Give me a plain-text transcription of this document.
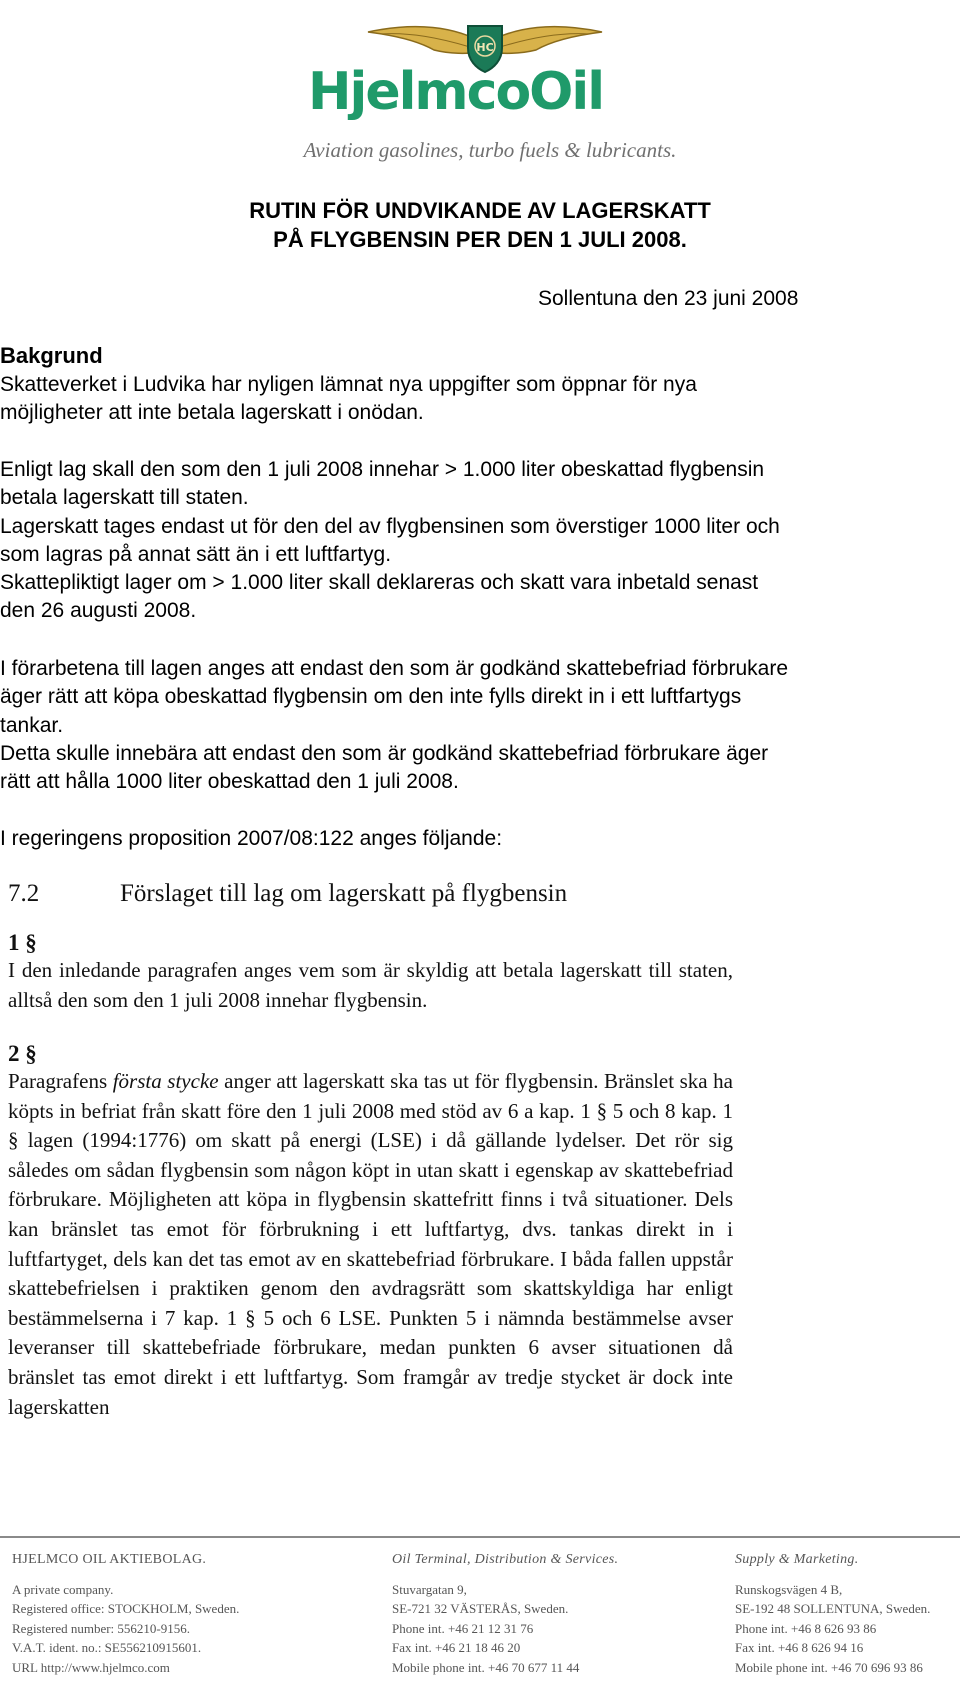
HC
HjelmcoOil
Aviation gasolines, turbo fuels & lubricants.
RUTIN FÖR UNDVIKANDE AV LAGERSKATT
PÅ FLYGBENSIN PER DEN 1 JULI 2008.
Sollentuna den 23 juni 2008
Bakgrund
Skatteverket i Ludvika har nyligen lämnat nya uppgifter som öppnar för nya
möjligheter att inte betala lagerskatt i onödan.
Enligt lag skall den som den 1 juli 2008 innehar > 1.000 liter obeskattad flygbensin
betala lagerskatt till staten.
Lagerskatt tages endast ut för den del av flygbensinen som överstiger 1000 liter och
som lagras på annat sätt än i ett luftfartyg.
Skattepliktigt lager om > 1.000 liter skall deklareras och skatt vara inbetald senast
den 26 augusti 2008.
I förarbetena till lagen anges att endast den som är godkänd skattebefriad förbrukare
äger rätt att köpa obeskattad flygbensin om den inte fylls direkt in i ett luftfartygs
tankar.
Detta skulle innebära att endast den som är godkänd skattebefriad förbrukare äger
rätt att hålla 1000 liter obeskattad den 1 juli 2008.
I regeringens proposition 2007/08:122 anges följande:
7.2	Förslaget till lag om lagerskatt på flygbensin
1 §
I den inledande paragrafen anges vem som är skyldig att betala lagerskatt till staten, alltså den som den 1 juli 2008 innehar flygbensin.
2 §
Paragrafens första stycke anger att lagerskatt ska tas ut för flygbensin. Bränslet ska ha köpts in befriat från skatt före den 1 juli 2008 med stöd av 6 a kap. 1 § 5 och 8 kap. 1 § lagen (1994:1776) om skatt på energi (LSE) i då gällande lydelser. Det rör sig således om sådan flygbensin som någon köpt in utan skatt i egenskap av skattebefriad förbrukare. Möjligheten att köpa in flygbensin skattefritt finns i två situationer. Dels kan bränslet tas emot för förbrukning i ett luftfartyg, dvs. tankas direkt in i luftfartyget, dels kan det tas emot av en skattebefriad förbrukare. I båda fallen uppstår skattebefrielsen i praktiken genom den avdragsrätt som skattskyldiga har enligt bestämmelserna i 7 kap. 1 § 5 och 6 LSE. Punkten 5 i nämnda bestämmelse avser leveranser till skattebefriade förbrukare, medan punkten 6 avser situationen då bränslet tas emot direkt i ett luftfartyg. Som framgår av tredje stycket är dock inte lagerskatten
HJELMCO OIL AKTIEBOLAG.
A private company.
Registered office: STOCKHOLM, Sweden.
Registered number: 556210-9156.
V.A.T. ident. no.: SE556210915601.
URL http://www.hjelmco.com
Oil Terminal, Distribution & Services.
Stuvargatan 9,
SE-721 32 VÄSTERÅS, Sweden.
Phone int. +46 21 12 31 76
Fax int. +46 21 18 46 20
Mobile phone int. +46 70 677 11 44
Supply & Marketing.
Runskogsvägen 4 B,
SE-192 48 SOLLENTUNA, Sweden.
Phone int. +46 8 626 93 86
Fax int. +46 8 626 94 16
Mobile phone int. +46 70 696 93 86
